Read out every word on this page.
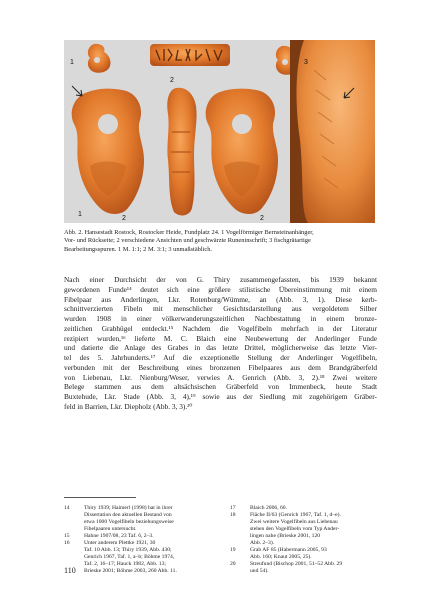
1
2
3
1
2	2

Abb. 2. Hansestadt Rostock, Rostocker Heide, Fundplatz 24. 1 Vogelförmiger Bernsteinanhänger,

Vor- und Rückseite; 2 verschiedene Ansichten und geschwärzte Runeninschrift; 3 fischgrätartige

Bearbeitungsspuren. 1 M. 1:1; 2 M. 3:1; 3 unmaßstäblich.

Nach einer Durchsicht der von G. Thiry zusammengefassten, bis 1939 bekannt
gewordenen Funde¹⁴ deutet sich eine größere stilistische Übereinstimmung mit einem
Fibelpaar aus Anderlingen, Lkr. Rotenburg/Wümme, an (Abb. 3, 1). Diese kerb-
schnittverzierten Fibeln mit menschlicher Gesichtsdarstellung aus vergoldetem Silber
wurden 1908 in einer völkerwanderungszeitlichen Nachbestattung in einem bronze-
zeitlichen Grabhügel entdeckt.¹⁵ Nachdem die Vogelfibeln mehrfach in der Literatur
rezipiert wurden,¹⁶ lieferte M. C. Blaich eine Neubewertung der Anderlinger Funde
und datierte die Anlage des Grabes in das letzte Drittel, möglicherweise das letzte Vier-
tel des 5. Jahrhunderts.¹⁷ Auf die exzeptionelle Stellung der Anderlinger Vogelfibeln,
verbunden mit der Beschreibung eines bronzenen Fibelpaares aus dem Brandgräberfeld
von Liebenau, Lkr. Nienburg/Weser, verwies A. Genrich (Abb. 3, 2).¹⁸ Zwei weitere
Belege stammen aus dem altsächsischen Gräberfeld von Immenbeck, heute Stadt
Buxtehude, Lkr. Stade (Abb. 3, 4),¹⁹ sowie aus der Siedlung mit zugehörigem Gräber-
feld in Barrien, Lkr. Diepholz (Abb. 3, 3).²⁰
14	Thiry 1939; Haimerl (1998) hat in ihrer
Dissertation den aktuellen Bestand von
etwa 1000 Vogelfibeln beziehungsweise
Fibelpaaren untersucht.
15	Hahne 1907/08, 23 Taf. 6, 2–3.
16	Unter anderem Plettke 1921, 30
Taf. 10 Abb. 13; Thiry 1939, Abb. 430;
Genrich 1967, Taf. 1, a–b; Böhme 1974,
Taf. 2, 16–17; Hauck 1982, Abb. 13;
Brieske 2001; Böhme 2003, 260 Abb. 11.
17	Blaich 2006, 60.
18	Fläche II/63 (Genrich 1967, Taf. 1, d–e).
Zwei weitere Vogelfibeln aus Liebenau
stehen den Vogelfibeln vom Typ Ander-
lingen nahe (Brieske 2001, 120
Abb. 2–3).
19	Grab AF 85 (Habermann 2005, 93
Abb. 160; Knaut 2005, 25).
20	Streufund (Bischop 2001, 51–52 Abb. 29
und 54).
110
